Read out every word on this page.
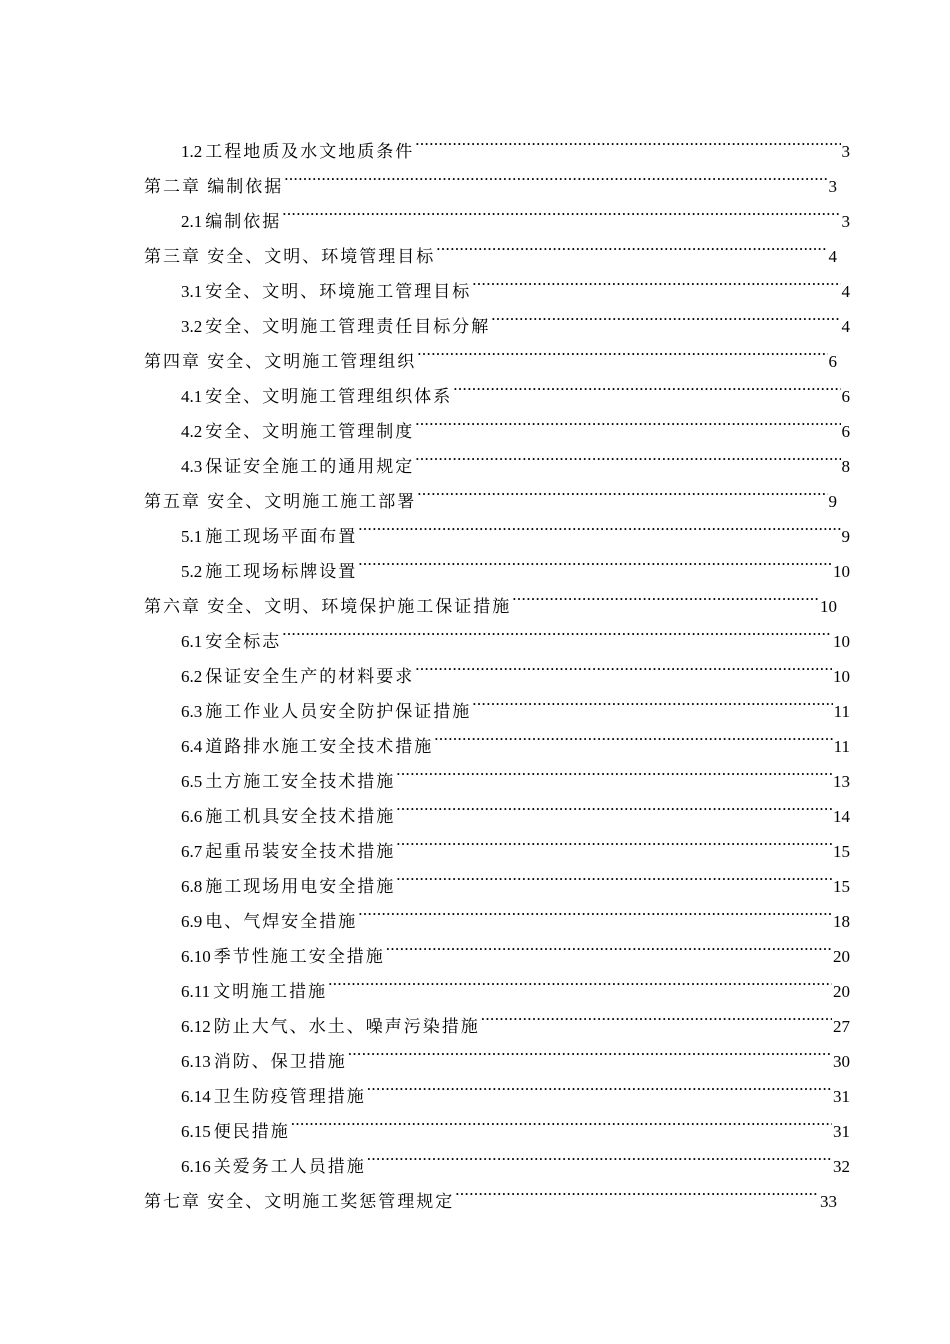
1.2 工程地质及水文地质条件 .....	3
第二章 编制依据 .....	3
2.1 编制依据 .....	3
第三章 安全、文明、环境管理目标 .....	4
3.1 安全、文明、环境施工管理目标 .....	4
3.2 安全、文明施工管理责任目标分解 .....	4
第四章 安全、文明施工管理组织 .....	6
4.1 安全、文明施工管理组织体系 .....	6
4.2 安全、文明施工管理制度 .....	6
4.3 保证安全施工的通用规定 .....	8
第五章 安全、文明施工施工部署 .....	9
5.1 施工现场平面布置 .....	9
5.2 施工现场标牌设置 .....	10
第六章 安全、文明、环境保护施工保证措施 .....	10
6.1 安全标志 .....	10
6.2 保证安全生产的材料要求 .....	10
6.3 施工作业人员安全防护保证措施 .....	11
6.4 道路排水施工安全技术措施 .....	11
6.5 土方施工安全技术措施 .....	13
6.6 施工机具安全技术措施 .....	14
6.7 起重吊装安全技术措施 .....	15
6.8 施工现场用电安全措施 .....	15
6.9 电、气焊安全措施 .....	18
6.10 季节性施工安全措施 .....	20
6.11 文明施工措施 .....	20
6.12 防止大气、水土、噪声污染措施 .....	27
6.13 消防、保卫措施 .....	30
6.14 卫生防疫管理措施 .....	31
6.15 便民措施 .....	31
6.16 关爱务工人员措施 .....	32
第七章 安全、文明施工奖惩管理规定 .....	33
